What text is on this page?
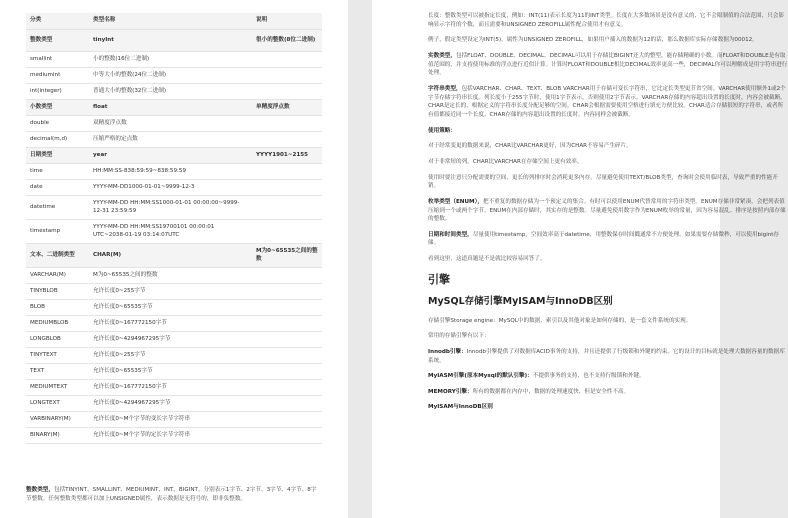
分类	类型名称	说明
整数类型	tinyInt	很小的整数(8位二进制)
smallint	小的整数(16位二进制)	
mediumint	中等大小的整数(24位二进制)	
int(integer)	普通大小的整数(32位二进制)	
小数类型	float	单精度浮点数
double	双精度浮点数	
decimal(m,d)	压缩严格的定点数	
日期类型	year	YYYY1901~2155
time	HH:MM:SS-838:59:59~838:59:59	
date	YYYY-MM-DD1000-01-01~9999-12-3	
datetime	YYYY-MM-DD HH:MM:SS1000-01-01 00:00:00~9999-12-31 23:59:59	
timestamp	YYYY-MM-DD HH:MM:SS19700101 00:00:01 UTC~2038-01-19 03:14:07UTC	
文本、二进制类型	CHAR(M)	M为0~65535之间的整数
VARCHAR(M)	M为0~65535之间的整数	
TINYBLOB	允许长度0~255字节	
BLOB	允许长度0~65535字节	
MEDIUMBLOB	允许长度0~167772150字节	
LONGBLOB	允许长度0~4294967295字节	
TINYTEXT	允许长度0~255字节	
TEXT	允许长度0~65535字节	
MEDIUMTEXT	允许长度0~167772150字节	
LONGTEXT	允许长度0~4294967295字节	
VARBINARY(M)	允许长度0~M个字节的变长字节字符串	
BINARY(M)	允许长度0~M个字节的定长字节字符串	
整数类型，包括TINYINT、SMALLINT、MEDIUMINT、INT、BIGINT，分别表示1字节、2字节、3字节、4字节、8字节整数。任何整数类型都可以加上UNSIGNED属性，表示数据是无符号的，即非负整数。

长度：整数类型可以被指定长度，例如：INT(11)表示长度为11的INT类型。长度在大多数场景是没有意义的，它不会限制值的合法范围，只会影响显示字符的个数，而且需要和UNSIGNED ZEROFILL属性配合使用才有意义。

例子，假定类型设定为INT(5)，属性为UNSIGNED ZEROFILL，如果用户插入的数据为12的话，那么数据库实际存储数据为00012。

实数类型，包括FLOAT、DOUBLE、DECIMAL。DECIMAL可以用于存储比BIGINT还大的整型，能存储精确的小数。而FLOAT和DOUBLE是有取值范围的，并支持使用标准的浮点进行近似计算。计算时FLOAT和DOUBLE相比DECIMAL效率更高一些，DECIMAL你可以理解成是用字符串进行处理。

字符串类型，包括VARCHAR、CHAR、TEXT、BLOB VARCHAR用于存储可变长字符串，它比定长类型更节省空间。VARCHAR使用额外1或2个字节存储字符串长度。列长度小于255字节时，使用1字节表示，否则使用2字节表示。VARCHAR存储的内容超出设置的长度时，内容会被截断。CHAR是定长的，根据定义的字符串长度分配足够的空间。CHAR会根据需要使用空格进行填充方便比较。CHAR适合存储很短的字符串，或者所有值都接近同一个长度。CHAR存储的内容超出设置的长度时，内容同样会被截断。

使用策略：

对于经常变更的数据来说，CHAR比VARCHAR更好，因为CHAR不容易产生碎片。

对于非常短的列，CHAR比VARCHAR在存储空间上更有效率。

使用时要注意只分配需要的空间，更长的列排序时会消耗更多内存。尽量避免使用TEXT/BLOB类型，查询时会使用临时表，导致严重的性能开销。

枚举类型（ENUM），把不重复的数据存储为一个预定义的集合。有时可以使用ENUM代替常用的字符串类型。ENUM存储非常紧凑，会把列表值压缩到一个或两个字节。ENUM在内部存储时，其实存的是整数。尽量避免使用数字作为ENUM枚举的常量，因为容易混乱。排序是按照内部存储的整数。

日期和时间类型，尽量使用timestamp，空间效率高于datetime，用整数保存时间戳通常不方便处理。如果需要存储微秒，可以使用bigint存储。

看到这里，这道真题是不是就比较容易回答了。

引擎

MySQL存储引擎MyISAM与InnoDB区别

存储引擎Storage engine：MySQL中的数据、索引以及其他对象是如何存储的，是一套文件系统的实现。

常用的存储引擎有以下：

Innodb引擎：Innodb引擎提供了对数据库ACID事务的支持，并且还提供了行级锁和外键的约束。它的设计的目标就是处理大数据容量的数据库系统。

MyIASM引擎(原本Mysql的默认引擎)：不提供事务的支持，也不支持行级锁和外键。

MEMORY引擎：所有的数据都在内存中，数据的处理速度快，但是安全性不高。

MyISAM与InnoDB区别
